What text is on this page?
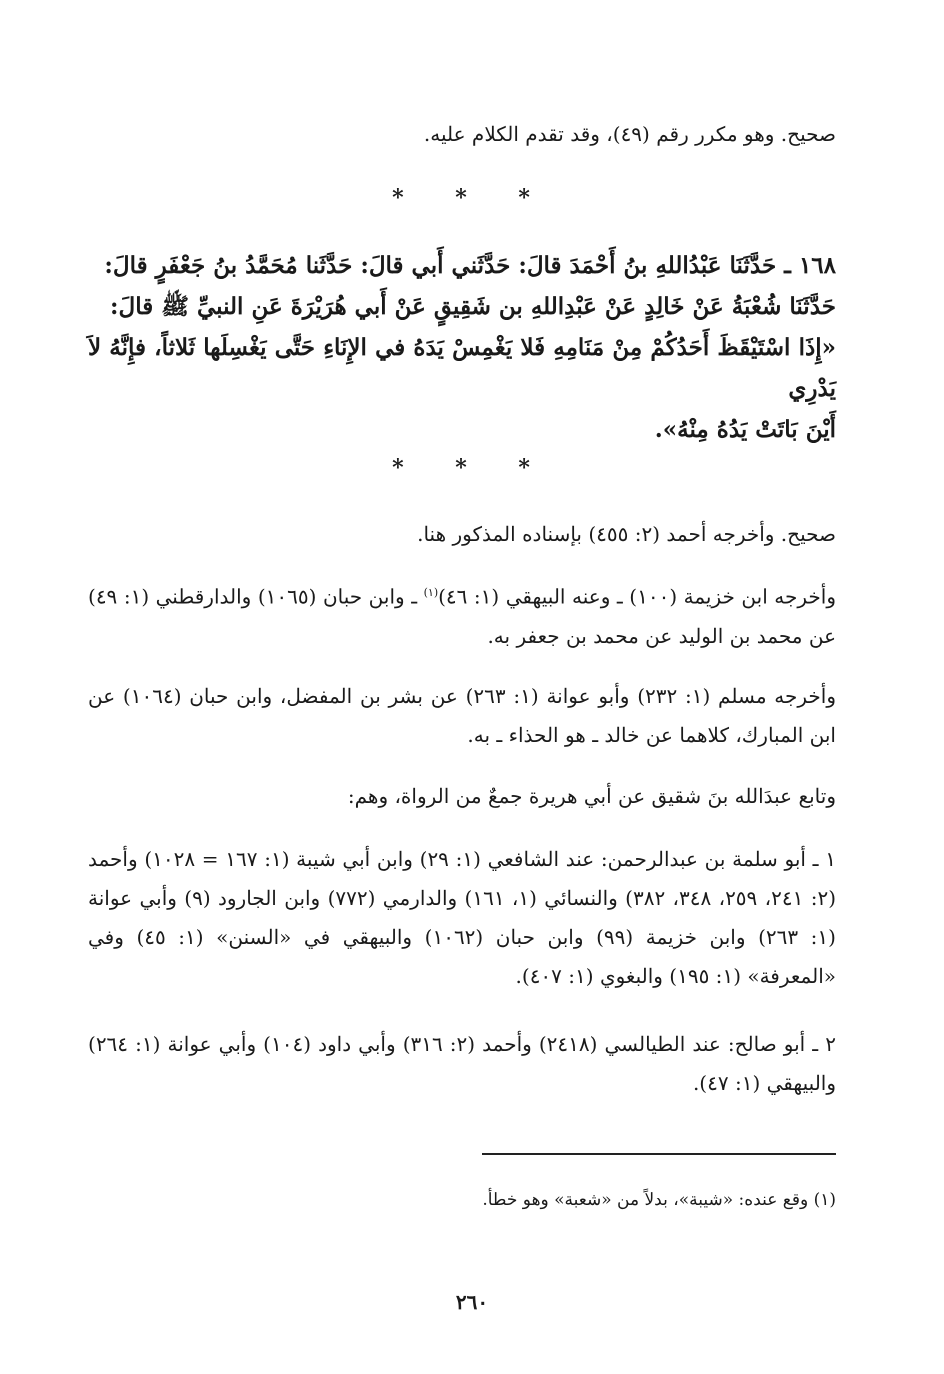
صحيح. وهو مكرر رقم (٤٩)، وقد تقدم الكلام عليه.

* * *

١٦٨ ـ حَدَّثَنَا عَبْدُاللهِ بنُ أَحْمَدَ قالَ: حَدَّثَني أَبي قالَ: حَدَّثَنا مُحَمَّدُ بنُ جَعْفَرٍ قالَ:

حَدَّثَنَا شُعْبَةُ عَنْ خَالِدٍ عَنْ عَبْدِاللهِ بن شَقِيقٍ عَنْ أَبي هُرَيْرَةَ عَنِ النبيِّ ﷺ قالَ:

«إِذَا اسْتَيْقَظَ أَحَدُكُمْ مِنْ مَنَامِهِ فَلا يَغْمِسْ يَدَهُ في الإِنَاءِ حَتَّى يَغْسِلَها ثَلاثاً، فإِنَّهُ لاَ يَدْرِي

أَيْنَ بَاتَتْ يَدُهُ مِنْهُ».

* * *

صحيح. وأخرجه أحمد (٢: ٤٥٥) بإسناده المذكور هنا.

وأخرجه ابن خزيمة (١٠٠) ـ وعنه البيهقي (١: ٤٦)$^{(١)}$ ـ وابن حبان (١٠٦٥) والدارقطني (١: ٤٩) عن محمد بن الوليد عن محمد بن جعفر به.

وأخرجه مسلم (١: ٢٣٢) وأبو عوانة (١: ٢٦٣) عن بشر بن المفضل، وابن حبان (١٠٦٤) عن ابن المبارك، كلاهما عن خالد ـ هو الحذاء ـ به.

وتابع عبدَالله بنَ شقيق عن أبي هريرة جمعٌ من الرواة، وهم:

١ ـ أبو سلمة بن عبدالرحمن: عند الشافعي (١: ٢٩) وابن أبي شيبة (١: ١٦٧ = ١٠٢٨) وأحمد (٢: ٢٤١، ٢٥٩، ٣٤٨، ٣٨٢) والنسائي (١، ١٦١) والدارمي (٧٧٢) وابن الجارود (٩) وأبي عوانة (١: ٢٦٣) وابن خزيمة (٩٩) وابن حبان (١٠٦٢) والبيهقي في «السنن» (١: ٤٥) وفي «المعرفة» (١: ١٩٥) والبغوي (١: ٤٠٧).

٢ ـ أبو صالح: عند الطيالسي (٢٤١٨) وأحمد (٢: ٣١٦) وأبي داود (١٠٤) وأبي عوانة (١: ٢٦٤) والبيهقي (١: ٤٧).

(١) وقع عنده: «شيبة»، بدلاً من «شعبة» وهو خطأ.

٢٦٠
